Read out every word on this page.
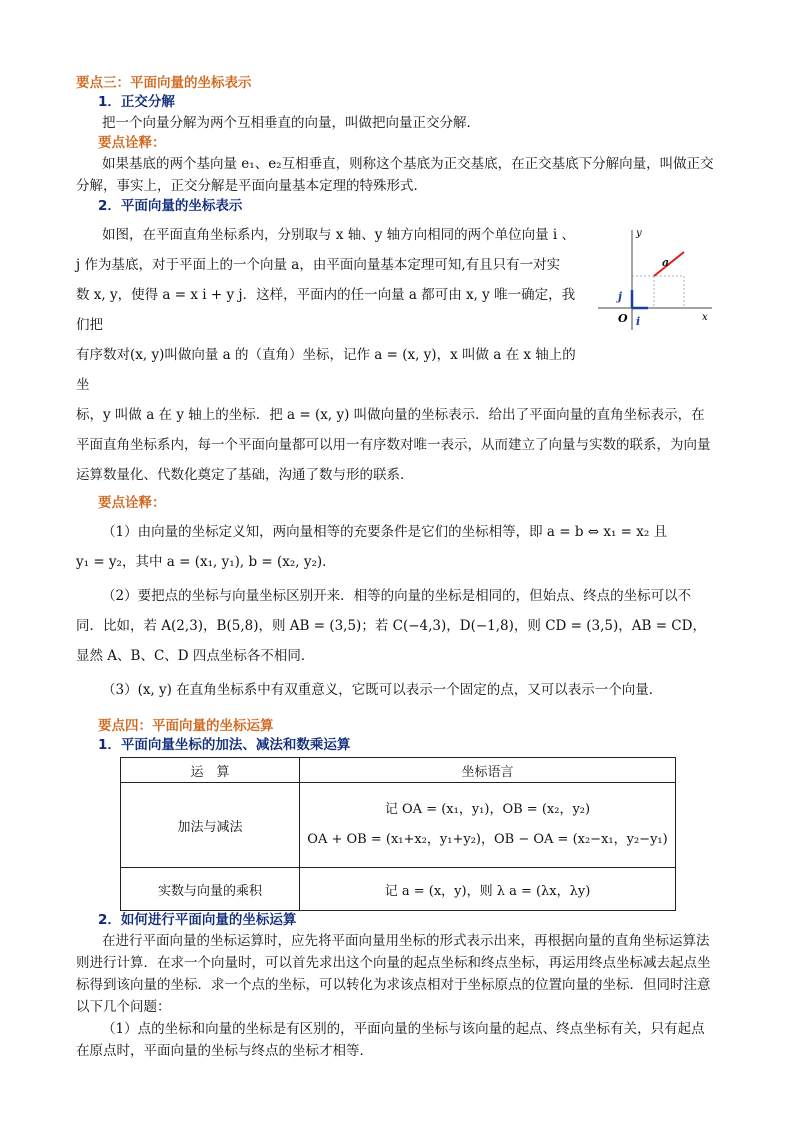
要点三：平面向量的坐标表示

1．正交分解

把一个向量分解为两个互相垂直的向量，叫做把向量正交分解．

要点诠释：

如果基底的两个基向量 e₁、e₂互相垂直，则称这个基底为正交基底，在正交基底下分解向量，叫做正交分解，事实上，正交分解是平面向量基本定理的特殊形式．

2．平面向量的坐标表示

如图，在平面直角坐标系内，分别取与 x 轴、y 轴方向相同的两个单位向量 i 、

j 作为基底，对于平面上的一个向量 a，由平面向量基本定理可知,有且只有一对实

数 x, y，使得 a = x i + y j．这样，平面内的任一向量 a 都可由 x, y 唯一确定，我们把

有序数对(x, y)叫做向量 a 的（直角）坐标，记作 a = (x, y)，x 叫做 a 在 x 轴上的坐

y
x
O
a
i
j

标，y 叫做 a 在 y 轴上的坐标．把 a = (x, y) 叫做向量的坐标表示．给出了平面向量的直角坐标表示，在平面直角坐标系内，每一个平面向量都可以用一有序数对唯一表示，从而建立了向量与实数的联系，为向量运算数量化、代数化奠定了基础，沟通了数与形的联系．

要点诠释：

（1）由向量的坐标定义知，两向量相等的充要条件是它们的坐标相等，即 a = b ⇔ x₁ = x₂ 且

y₁ = y₂，其中 a = (x₁, y₁), b = (x₂, y₂)．

（2）要把点的坐标与向量坐标区别开来．相等的向量的坐标是相同的，但始点、终点的坐标可以不

同．比如，若 A(2,3)，B(5,8)，则 AB = (3,5)；若 C(−4,3)，D(−1,8)，则 CD = (3,5)，AB = CD，

显然 A、B、C、D 四点坐标各不相同．

（3）(x, y) 在直角坐标系中有双重意义，它既可以表示一个固定的点，又可以表示一个向量．

要点四：平面向量的坐标运算

1．平面向量坐标的加法、减法和数乘运算

运　算	坐标语言
加法与减法	记 OA = (x₁，y₁)，OB = (x₂，y₂)
OA + OB = (x₁+x₂，y₁+y₂)，OB − OA = (x₂−x₁，y₂−y₁)

实数与向量的乘积	记 a = (x，y)，则 λ a = (λx，λy)

2．如何进行平面向量的坐标运算

在进行平面向量的坐标运算时，应先将平面向量用坐标的形式表示出来，再根据向量的直角坐标运算法则进行计算．在求一个向量时，可以首先求出这个向量的起点坐标和终点坐标，再运用终点坐标减去起点坐标得到该向量的坐标．求一个点的坐标，可以转化为求该点相对于坐标原点的位置向量的坐标．但同时注意以下几个问题：

（1）点的坐标和向量的坐标是有区别的，平面向量的坐标与该向量的起点、终点坐标有关，只有起点在原点时，平面向量的坐标与终点的坐标才相等．
